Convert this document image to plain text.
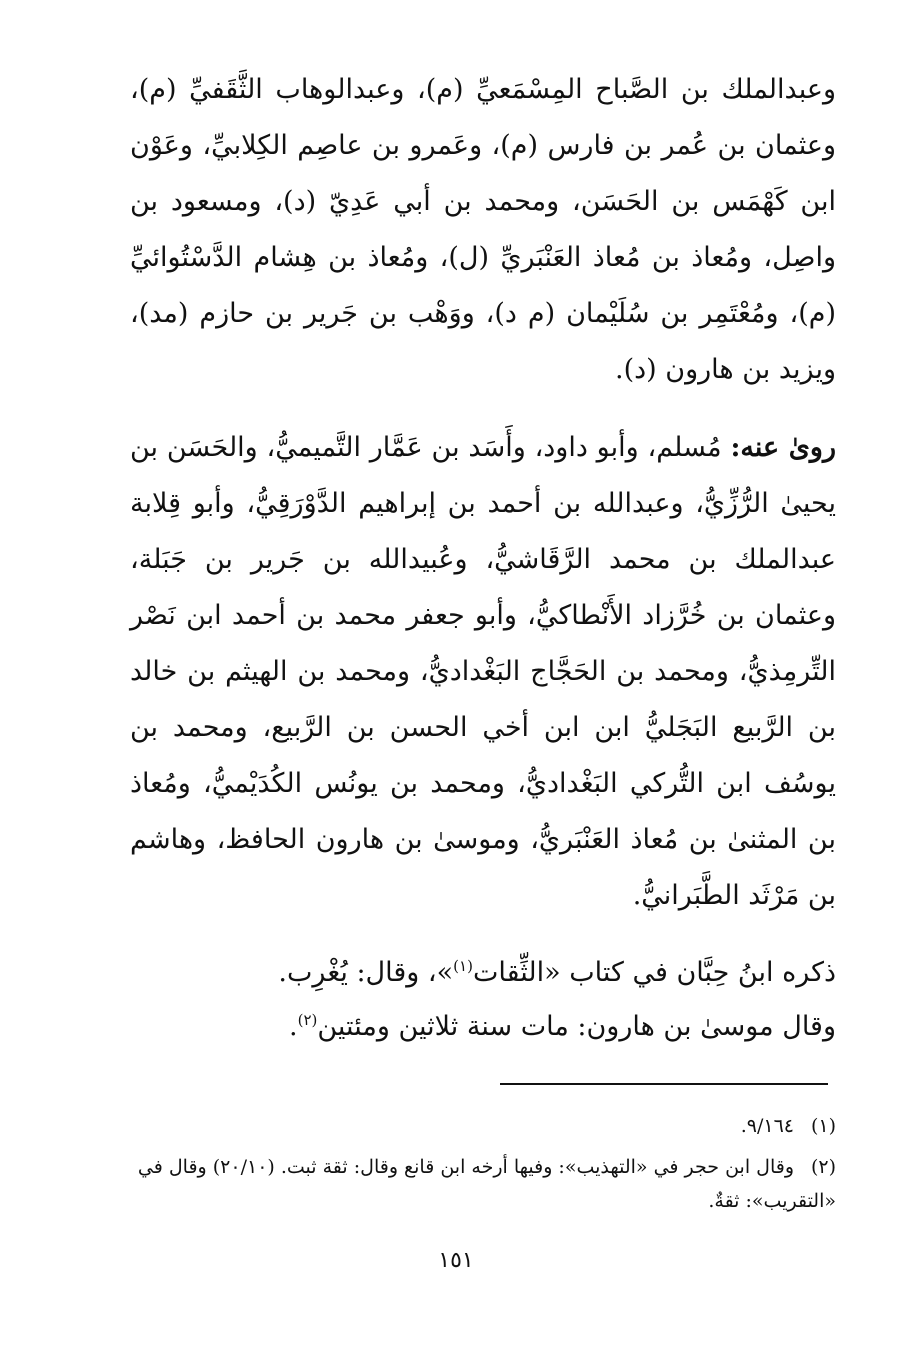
وعبدالملك بن الصَّباح المِسْمَعيِّ (م)، وعبدالوهاب الثَّقَفيِّ (م)، وعثمان بن عُمر بن فارس (م)، وعَمرو بن عاصِم الكِلابيِّ، وعَوْن ابن كَهْمَس بن الحَسَن، ومحمد بن أبي عَدِيّ (د)، ومسعود بن واصِل، ومُعاذ بن مُعاذ العَنْبَريِّ (ل)، ومُعاذ بن هِشام الدَّسْتُوائيِّ (م)، ومُعْتَمِر بن سُلَيْمان (م د)، ووَهْب بن جَرير بن حازم (مد)، ويزيد بن هارون (د).

روىٰ عنه: مُسلم، وأبو داود، وأَسَد بن عَمَّار التَّميميُّ، والحَسَن بن يحيىٰ الرُّزِّيُّ، وعبدالله بن أحمد بن إبراهيم الدَّوْرَقِيُّ، وأبو قِلابة عبدالملك بن محمد الرَّقَاشيُّ، وعُبيدالله بن جَرير بن جَبَلة، وعثمان بن خُرَّزاد الأَنْطاكيُّ، وأبو جعفر محمد بن أحمد ابن نَصْر التِّرمِذيُّ، ومحمد بن الحَجَّاج البَغْداديُّ، ومحمد بن الهيثم بن خالد بن الرَّبيع البَجَليُّ ابن ابن أخي الحسن بن الرَّبيع، ومحمد بن يوسُف ابن التُّركي البَغْداديُّ، ومحمد بن يونُس الكُدَيْميُّ، ومُعاذ بن المثنىٰ بن مُعاذ العَنْبَريُّ، وموسىٰ بن هارون الحافظ، وهاشم بن مَرْثَد الطَّبَرانيُّ.

ذكره ابنُ حِبَّان في كتاب «الثِّقات$^{(١)}$»، وقال: يُغْرِب.

وقال موسىٰ بن هارون: مات سنة ثلاثين ومئتين$^{(٢)}$.

(١)٩/١٦٤.
(٢)وقال ابن حجر في «التهذيب»: وفيها أرخه ابن قانع وقال: ثقة ثبت. (٢٠/١٠) وقال في «التقريب»: ثقةٌ.
١٥١
